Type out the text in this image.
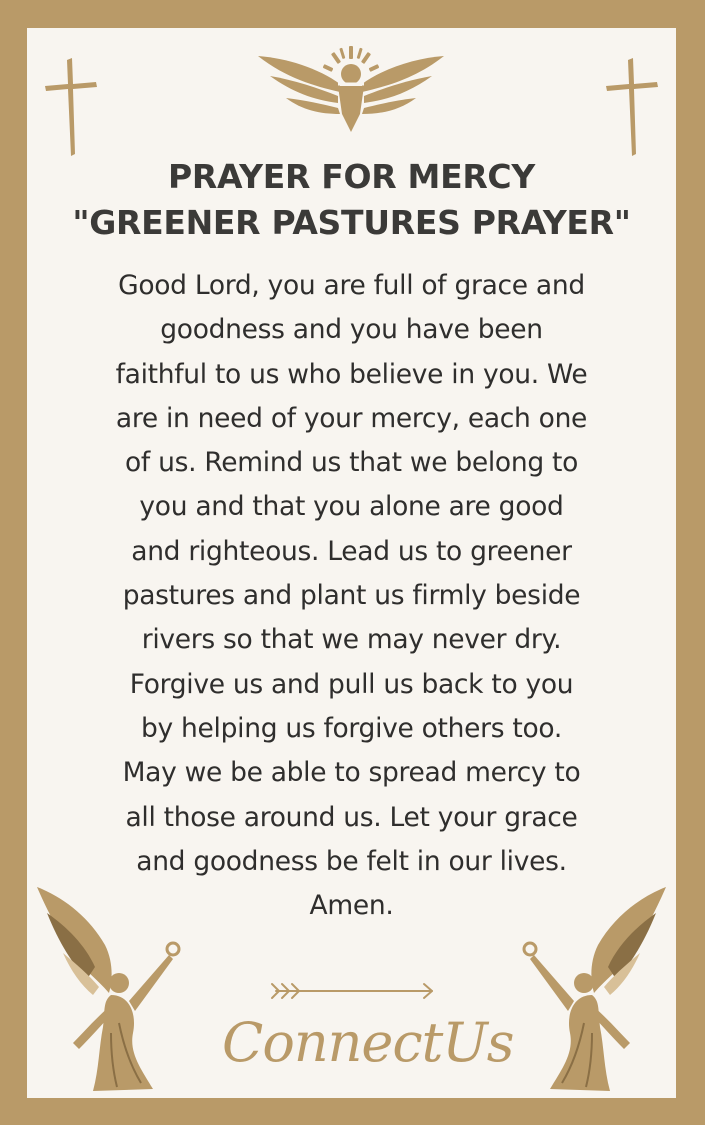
PRAYER FOR MERCY
"GREENER PASTURES PRAYER"
Good Lord, you are full of grace and
goodness and you have been
faithful to us who believe in you. We
are in need of your mercy, each one
of us. Remind us that we belong to
you and that you alone are good
and righteous. Lead us to greener
pastures and plant us firmly beside
rivers so that we may never dry.
Forgive us and pull us back to you
by helping us forgive others too.
May we be able to spread mercy to
all those around us. Let your grace
and goodness be felt in our lives.
Amen.
ConnectUs
